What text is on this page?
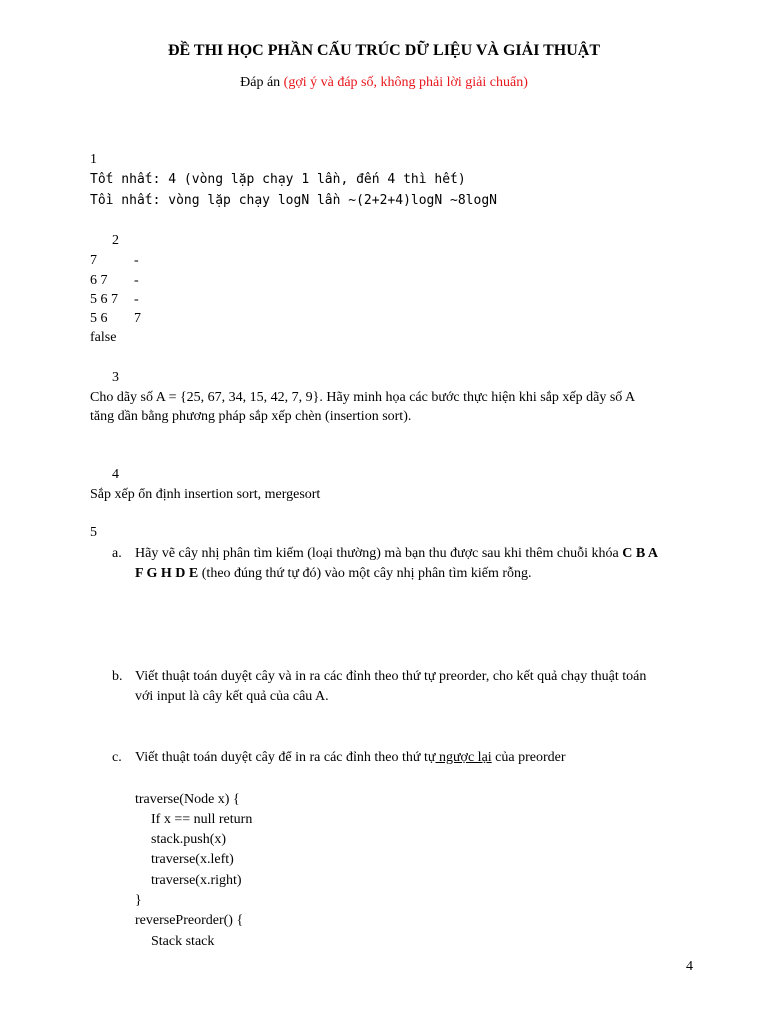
ĐỀ THI HỌC PHẦN CẤU TRÚC DỮ LIỆU VÀ GIẢI THUẬT
Đáp án (gợi ý và đáp số, không phải lời giải chuẩn)
1
Tốt nhất: 4 (vòng lặp chạy 1 lần, đến 4 thì hết)
Tồi nhất: vòng lặp chạy logN lần ~(2+2+4)logN ~8logN
2
7	-
6 7 -
5 6 7 -
5 6 7
false
3
Cho dãy số A = {25, 67, 34, 15, 42, 7, 9}. Hãy minh họa các bước thực hiện khi sắp xếp dãy số A
tăng dần bằng phương pháp sắp xếp chèn (insertion sort).
4
Sắp xếp ổn định insertion sort, mergesort
5
a. Hãy vẽ cây nhị phân tìm kiếm (loại thường) mà bạn thu được sau khi thêm chuỗi khóa C B A
F G H D E (theo đúng thứ tự đó) vào một cây nhị phân tìm kiếm rỗng.
b. Viết thuật toán duyệt cây và in ra các đỉnh theo thứ tự preorder, cho kết quả chạy thuật toán
với input là cây kết quả của câu A.
c. Viết thuật toán duyệt cây để in ra các đỉnh theo thứ tự ngược lại của preorder
traverse(Node x) {
If x == null return
stack.push(x)
traverse(x.left)
traverse(x.right)
}
reversePreorder() {
Stack stack
4
